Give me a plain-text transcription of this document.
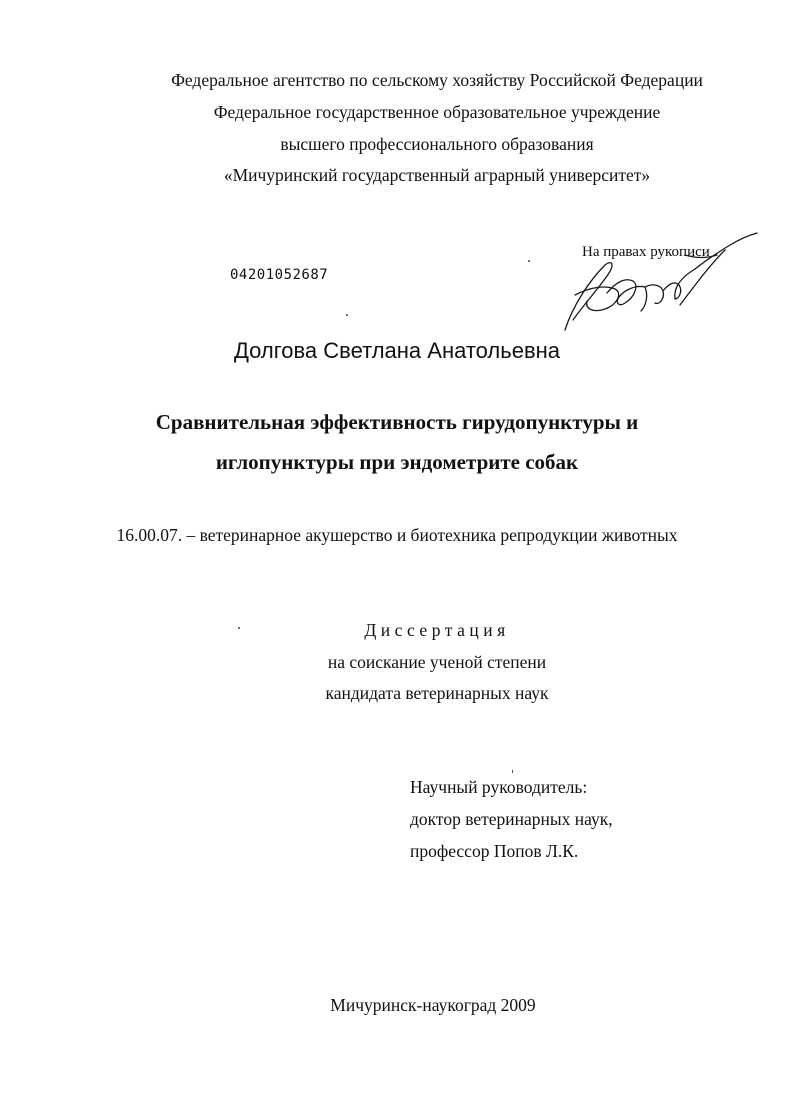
Федеральное агентство по сельскому хозяйству Российской Федерации
Федеральное государственное образовательное учреждение
высшего профессионального образования
«Мичуринский государственный аграрный университет»
На правах рукописи
04201052687
Долгова Светлана Анатольевна
Сравнительная эффективность гирудопунктуры и
иглопунктуры при эндометрите собак
16.00.07. – ветеринарное акушерство и биотехника репродукции животных
Диссертация
на соискание ученой степени
кандидата ветеринарных наук
Научный руководитель:
доктор ветеринарных наук,
профессор Попов Л.К.
Мичуринск-наукоград 2009
